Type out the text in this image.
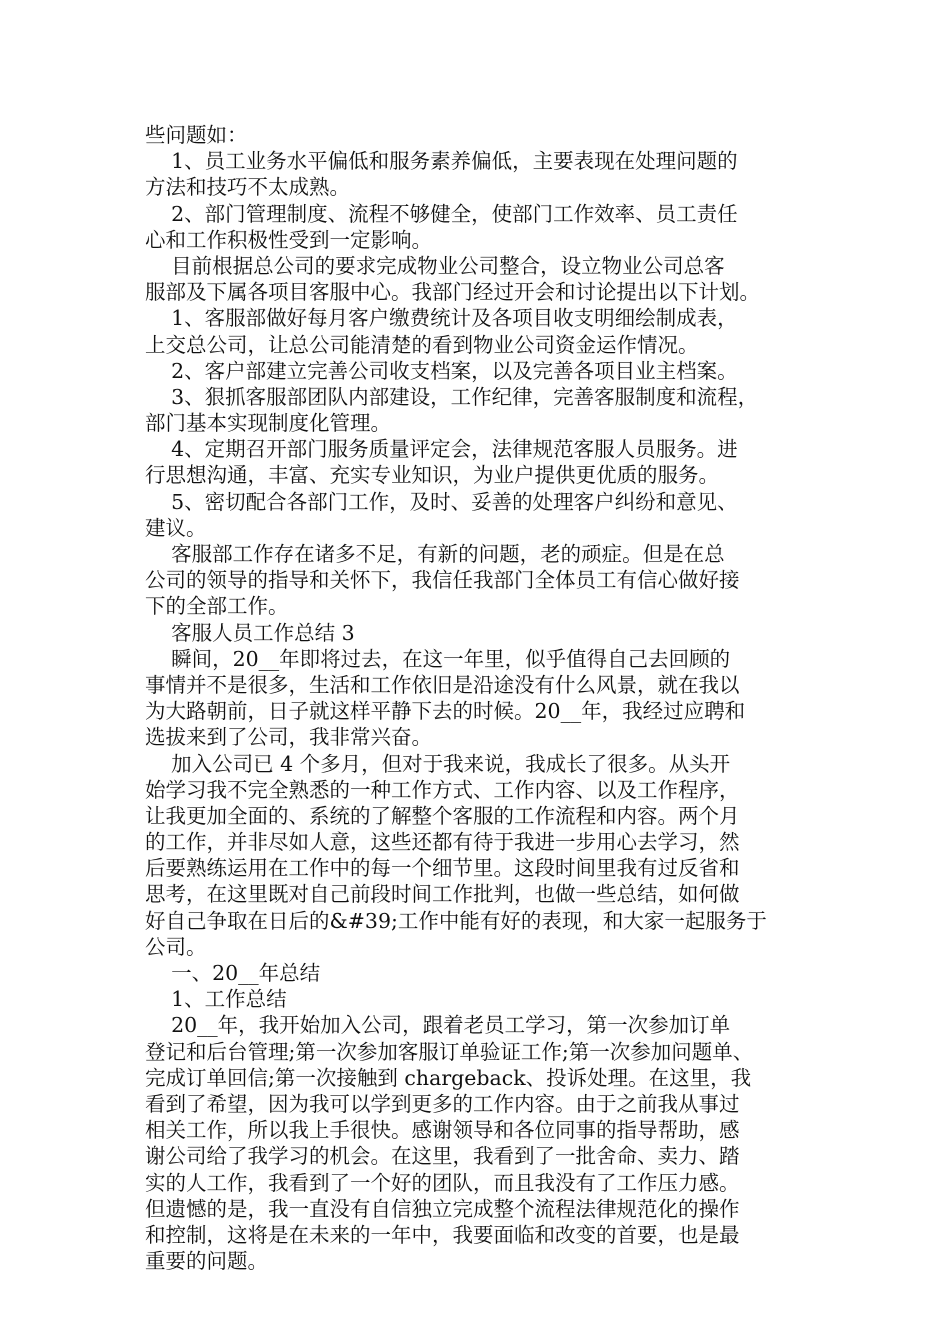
些问题如：
1、员工业务水平偏低和服务素养偏低，主要表现在处理问题的
方法和技巧不太成熟。
2、部门管理制度、流程不够健全，使部门工作效率、员工责任
心和工作积极性受到一定影响。
目前根据总公司的要求完成物业公司整合，设立物业公司总客
服部及下属各项目客服中心。我部门经过开会和讨论提出以下计划。
1、客服部做好每月客户缴费统计及各项目收支明细绘制成表，
上交总公司，让总公司能清楚的看到物业公司资金运作情况。
2、客户部建立完善公司收支档案，以及完善各项目业主档案。
3、狠抓客服部团队内部建设，工作纪律，完善客服制度和流程，
部门基本实现制度化管理。
4、定期召开部门服务质量评定会，法律规范客服人员服务。进
行思想沟通，丰富、充实专业知识，为业户提供更优质的服务。
5、密切配合各部门工作，及时、妥善的处理客户纠纷和意见、
建议。
客服部工作存在诸多不足，有新的问题，老的顽症。但是在总
公司的领导的指导和关怀下，我信任我部门全体员工有信心做好接
下的全部工作。
客服人员工作总结 3
瞬间，20__年即将过去，在这一年里，似乎值得自己去回顾的
事情并不是很多，生活和工作依旧是沿途没有什么风景，就在我以
为大路朝前，日子就这样平静下去的时候。20__年，我经过应聘和
选拔来到了公司，我非常兴奋。
加入公司已 4 个多月，但对于我来说，我成长了很多。从头开
始学习我不完全熟悉的一种工作方式、工作内容、以及工作程序，
让我更加全面的、系统的了解整个客服的工作流程和内容。两个月
的工作，并非尽如人意，这些还都有待于我进一步用心去学习，然
后要熟练运用在工作中的每一个细节里。这段时间里我有过反省和
思考，在这里既对自己前段时间工作批判，也做一些总结，如何做
好自己争取在日后的&#39;工作中能有好的表现，和大家一起服务于
公司。
一、20__年总结
1、工作总结
20__年，我开始加入公司，跟着老员工学习，第一次参加订单
登记和后台管理;第一次参加客服订单验证工作;第一次参加问题单、
完成订单回信;第一次接触到 chargeback、投诉处理。在这里，我
看到了希望，因为我可以学到更多的工作内容。由于之前我从事过
相关工作，所以我上手很快。感谢领导和各位同事的指导帮助，感
谢公司给了我学习的机会。在这里，我看到了一批舍命、卖力、踏
实的人工作，我看到了一个好的团队，而且我没有了工作压力感。
但遗憾的是，我一直没有自信独立完成整个流程法律规范化的操作
和控制，这将是在未来的一年中，我要面临和改变的首要，也是最
重要的问题。
